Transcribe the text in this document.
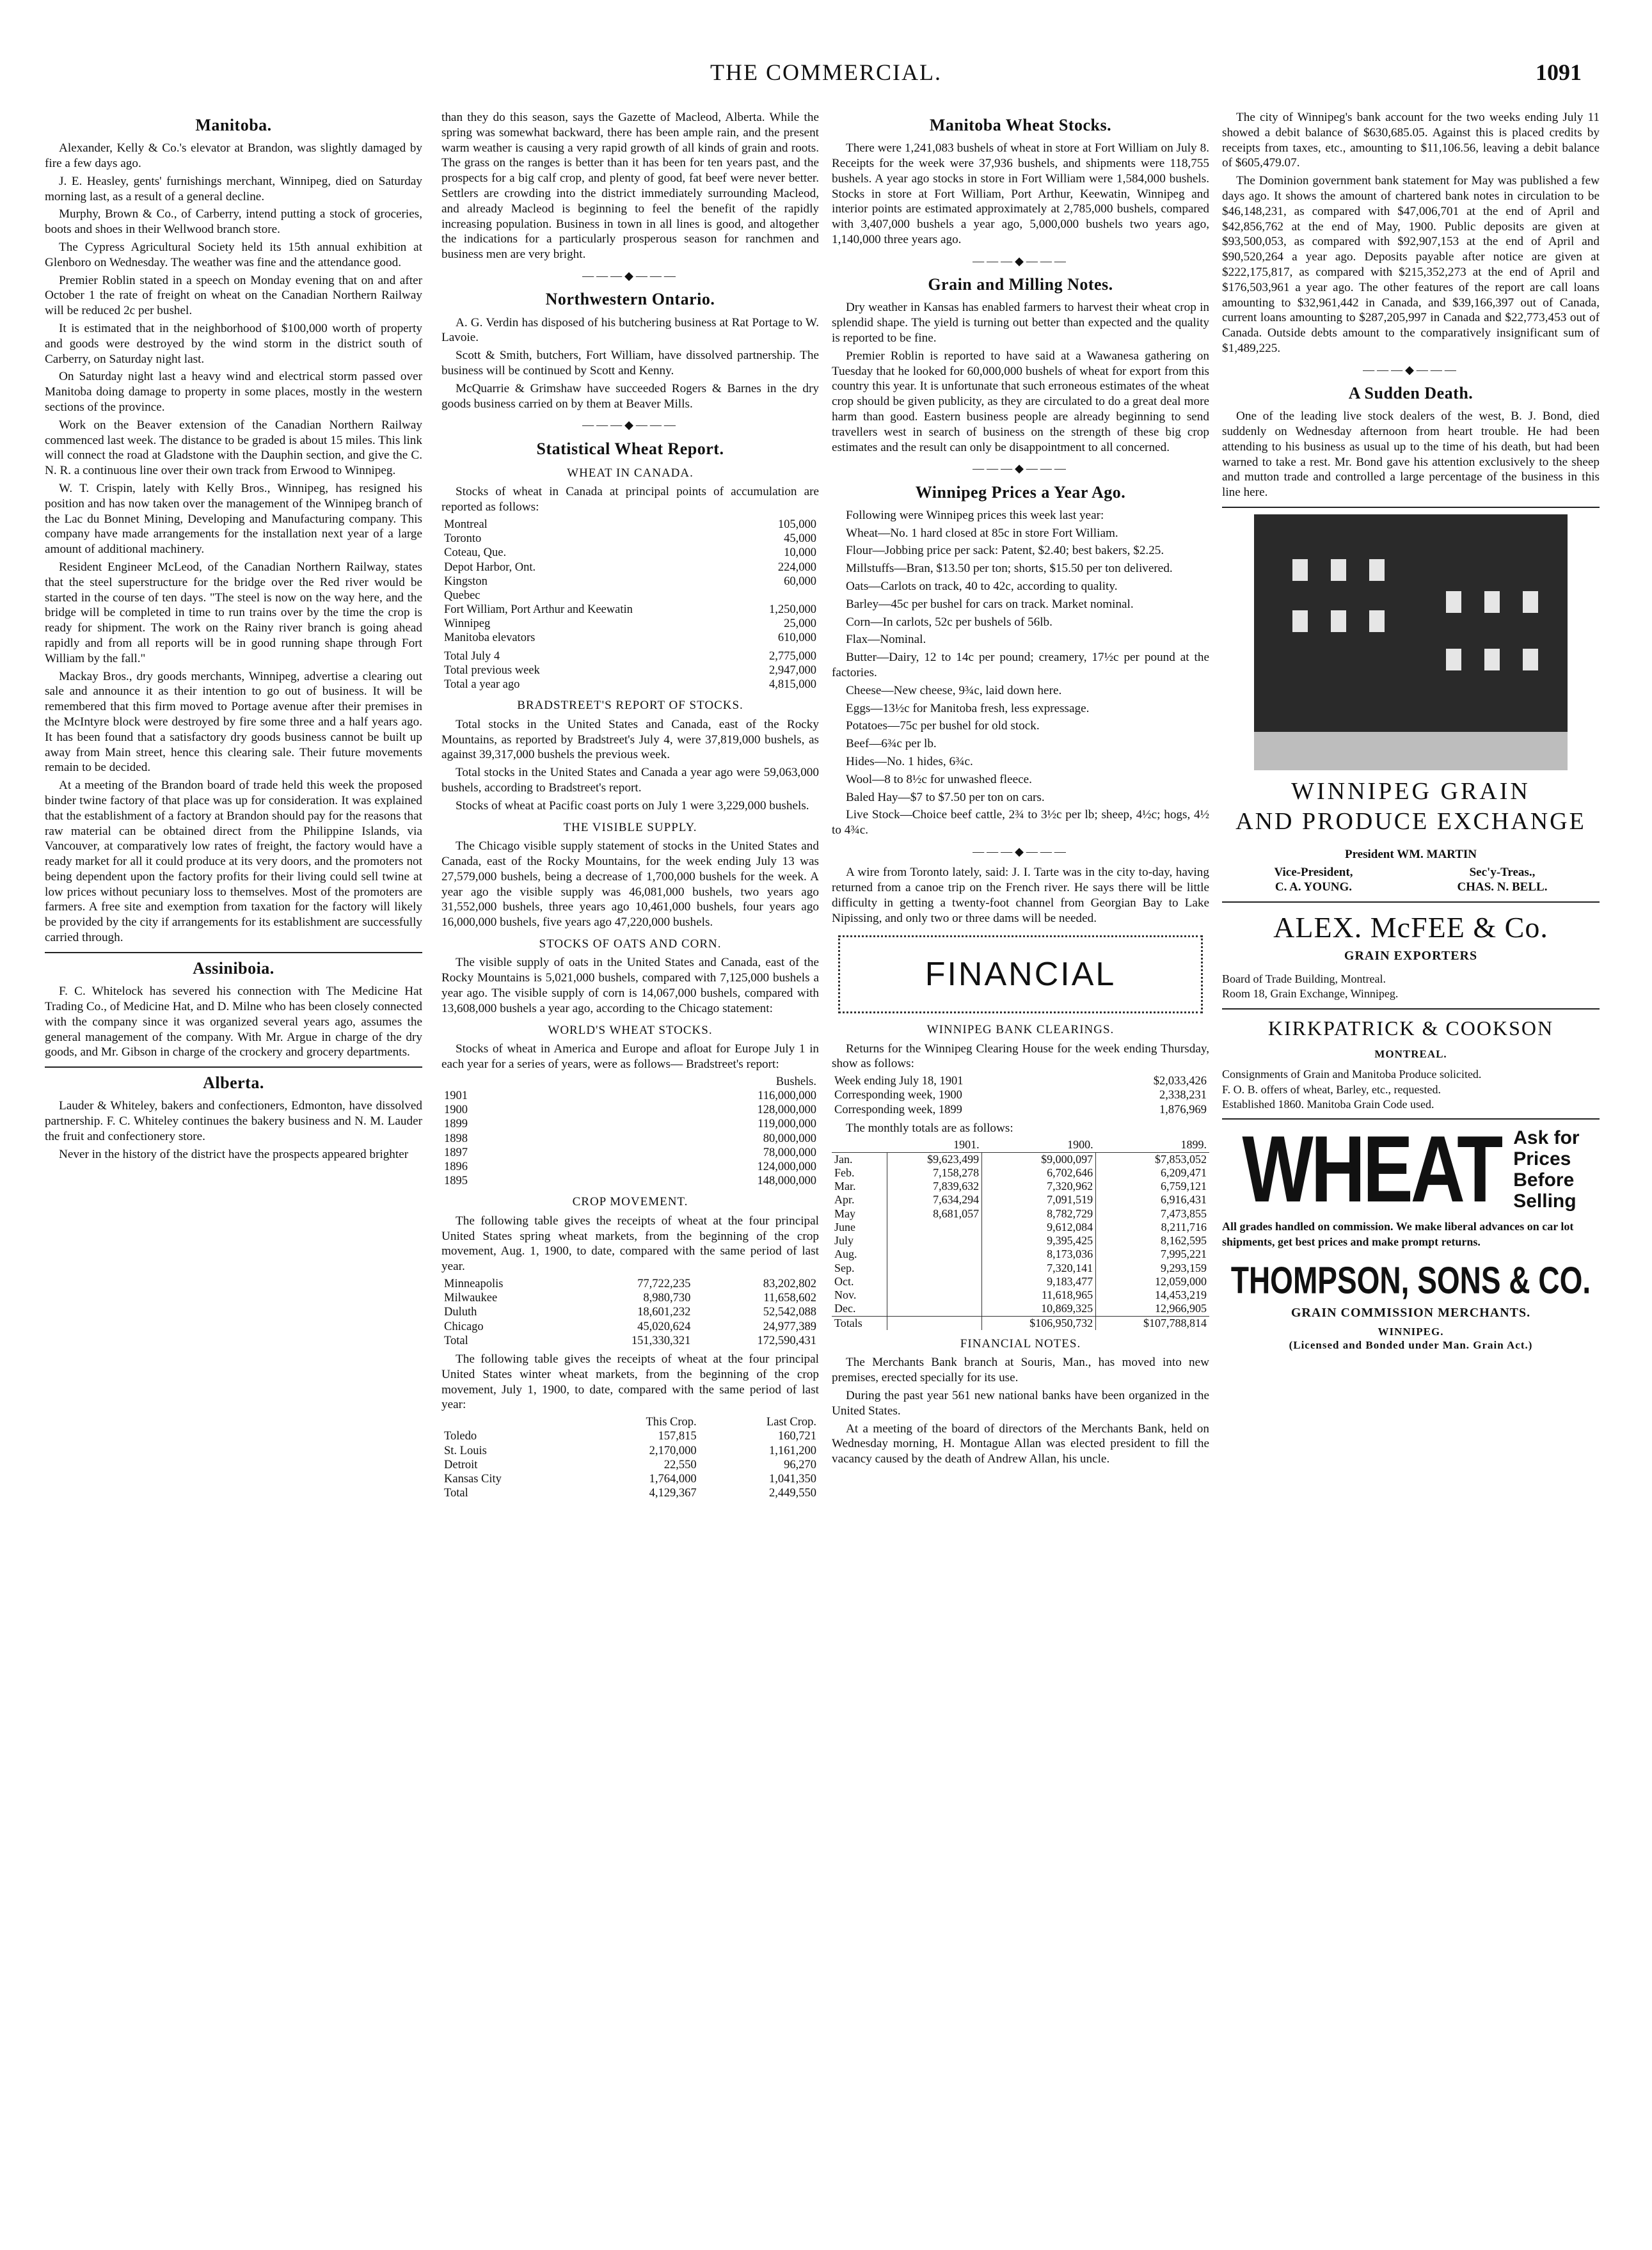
THE COMMERCIAL.	1091
Manitoba.

Alexander, Kelly & Co.'s elevator at Brandon, was slightly damaged by fire a few days ago.

J. E. Heasley, gents' furnishings merchant, Winnipeg, died on Saturday morning last, as a result of a general decline.

Murphy, Brown & Co., of Carberry, intend putting a stock of groceries, boots and shoes in their Wellwood branch store.

The Cypress Agricultural Society held its 15th annual exhibition at Glenboro on Wednesday. The weather was fine and the attendance good.

Premier Roblin stated in a speech on Monday evening that on and after October 1 the rate of freight on wheat on the Canadian Northern Railway will be reduced 2c per bushel.

It is estimated that in the neighborhood of $100,000 worth of property and goods were destroyed by the wind storm in the district south of Carberry, on Saturday night last.

On Saturday night last a heavy wind and electrical storm passed over Manitoba doing damage to property in some places, mostly in the western sections of the province.

Work on the Beaver extension of the Canadian Northern Railway commenced last week. The distance to be graded is about 15 miles. This link will connect the road at Gladstone with the Dauphin section, and give the C. N. R. a continuous line over their own track from Erwood to Winnipeg.

W. T. Crispin, lately with Kelly Bros., Winnipeg, has resigned his position and has now taken over the management of the Winnipeg branch of the Lac du Bonnet Mining, Developing and Manufacturing company. This company have made arrangements for the installation next year of a large amount of additional machinery.

Resident Engineer McLeod, of the Canadian Northern Railway, states that the steel superstructure for the bridge over the Red river would be started in the course of ten days. "The steel is now on the way here, and the bridge will be completed in time to run trains over by the time the crop is ready for shipment. The work on the Rainy river branch is going ahead rapidly and from all reports will be in good running shape through Fort William by the fall."

Mackay Bros., dry goods merchants, Winnipeg, advertise a clearing out sale and announce it as their intention to go out of business. It will be remembered that this firm moved to Portage avenue after their premises in the McIntyre block were destroyed by fire some three and a half years ago. It has been found that a satisfactory dry goods business cannot be built up away from Main street, hence this clearing sale. Their future movements remain to be decided.

At a meeting of the Brandon board of trade held this week the proposed binder twine factory of that place was up for consideration. It was explained that the establishment of a factory at Brandon should pay for the reasons that raw material can be obtained direct from the Philippine Islands, via Vancouver, at comparatively low rates of freight, the factory would have a ready market for all it could produce at its very doors, and the promoters not being dependent upon the factory profits for their living could sell twine at low prices without pecuniary loss to themselves. Most of the promoters are farmers. A free site and exemption from taxation for the factory will likely be provided by the city if arrangements for its establishment are successfully carried through.

Assiniboia.

F. C. Whitelock has severed his connection with The Medicine Hat Trading Co., of Medicine Hat, and D. Milne who has been closely connected with the company since it was organized several years ago, assumes the general management of the company. With Mr. Argue in charge of the dry goods, and Mr. Gibson in charge of the crockery and grocery departments.

Alberta.

Lauder & Whiteley, bakers and confectioners, Edmonton, have dissolved partnership. F. C. Whiteley continues the bakery business and N. M. Lauder the fruit and confectionery store.

Never in the history of the district have the prospects appeared brighter

than they do this season, says the Gazette of Macleod, Alberta. While the spring was somewhat backward, there has been ample rain, and the present warm weather is causing a very rapid growth of all kinds of grain and roots. The grass on the ranges is better than it has been for ten years past, and the prospects for a big calf crop, and plenty of good, fat beef were never better. Settlers are crowding into the district immediately surrounding Macleod, and already Macleod is beginning to feel the benefit of the rapidly increasing population. Business in town in all lines is good, and altogether the indications for a particularly prosperous season for ranchmen and business men are very bright.

———◆———
Northwestern Ontario.

A. G. Verdin has disposed of his butchering business at Rat Portage to W. Lavoie.

Scott & Smith, butchers, Fort William, have dissolved partnership. The business will be continued by Scott and Kenny.

McQuarrie & Grimshaw have succeeded Rogers & Barnes in the dry goods business carried on by them at Beaver Mills.

———◆———
Statistical Wheat Report.
WHEAT IN CANADA.

Stocks of wheat in Canada at principal points of accumulation are reported as follows:

Montreal	105,000
Toronto	45,000
Coteau, Que.	10,000
Depot Harbor, Ont.	224,000
Kingston	60,000
Quebec	
Fort William, Port Arthur and Keewatin	1,250,000
Winnipeg	25,000
Manitoba elevators	610,000
Total July 4	2,775,000
Total previous week	2,947,000
Total a year ago	4,815,000
BRADSTREET'S REPORT OF STOCKS.

Total stocks in the United States and Canada, east of the Rocky Mountains, as reported by Bradstreet's July 4, were 37,819,000 bushels, as against 39,317,000 bushels the previous week.

Total stocks in the United States and Canada a year ago were 59,063,000 bushels, according to Bradstreet's report.

Stocks of wheat at Pacific coast ports on July 1 were 3,229,000 bushels.

THE VISIBLE SUPPLY.

The Chicago visible supply statement of stocks in the United States and Canada, east of the Rocky Mountains, for the week ending July 13 was 27,579,000 bushels, being a decrease of 1,700,000 bushels for the week. A year ago the visible supply was 46,081,000 bushels, two years ago 31,552,000 bushels, three years ago 10,461,000 bushels, four years ago 16,000,000 bushels, five years ago 47,220,000 bushels.

STOCKS OF OATS AND CORN.

The visible supply of oats in the United States and Canada, east of the Rocky Mountains is 5,021,000 bushels, compared with 7,125,000 bushels a year ago. The visible supply of corn is 14,067,000 bushels, compared with 13,608,000 bushels a year ago, according to the Chicago statement:

WORLD'S WHEAT STOCKS.

Stocks of wheat in America and Europe and afloat for Europe July 1 in each year for a series of years, were as follows— Bradstreet's report:

	Bushels.
1901	116,000,000
1900	128,000,000
1899	119,000,000
1898	80,000,000
1897	78,000,000
1896	124,000,000
1895	148,000,000
CROP MOVEMENT.

The following table gives the receipts of wheat at the four principal United States spring wheat markets, from the beginning of the crop movement, Aug. 1, 1900, to date, compared with the same period of last year.

Minneapolis	77,722,235	83,202,802
Milwaukee	8,980,730	11,658,602
Duluth	18,601,232	52,542,088
Chicago	45,020,624	24,977,389
Total	151,330,321	172,590,431

The following table gives the receipts of wheat at the four principal United States winter wheat markets, from the beginning of the crop movement, July 1, 1900, to date, compared with the same period of last year:

	This Crop.	Last Crop.
Toledo	157,815	160,721
St. Louis	2,170,000	1,161,200
Detroit	22,550	96,270
Kansas City	1,764,000	1,041,350
Total	4,129,367	2,449,550
Manitoba Wheat Stocks.

There were 1,241,083 bushels of wheat in store at Fort William on July 8. Receipts for the week were 37,936 bushels, and shipments were 118,755 bushels. A year ago stocks in store in Fort William were 1,584,000 bushels. Stocks in store at Fort William, Port Arthur, Keewatin, Winnipeg and interior points are estimated approximately at 2,785,000 bushels, compared with 3,407,000 bushels a year ago, 5,000,000 bushels two years ago, 1,140,000 three years ago.

———◆———
Grain and Milling Notes.

Dry weather in Kansas has enabled farmers to harvest their wheat crop in splendid shape. The yield is turning out better than expected and the quality is reported to be fine.

Premier Roblin is reported to have said at a Wawanesa gathering on Tuesday that he looked for 60,000,000 bushels of wheat for export from this country this year. It is unfortunate that such erroneous estimates of the wheat crop should be given publicity, as they are circulated to do a great deal more harm than good. Eastern business people are already beginning to send travellers west in search of business on the strength of these big crop estimates and the result can only be disappointment to all concerned.

———◆———
Winnipeg Prices a Year Ago.

Following were Winnipeg prices this week last year:

Wheat—No. 1 hard closed at 85c in store Fort William.

Flour—Jobbing price per sack: Patent, $2.40; best bakers, $2.25.

Millstuffs—Bran, $13.50 per ton; shorts, $15.50 per ton delivered.

Oats—Carlots on track, 40 to 42c, according to quality.

Barley—45c per bushel for cars on track. Market nominal.

Corn—In carlots, 52c per bushels of 56lb.

Flax—Nominal.

Butter—Dairy, 12 to 14c per pound; creamery, 17½c per pound at the factories.

Cheese—New cheese, 9¾c, laid down here.

Eggs—13½c for Manitoba fresh, less expressage.

Potatoes—75c per bushel for old stock.

Beef—6¾c per lb.

Hides—No. 1 hides, 6¾c.

Wool—8 to 8½c for unwashed fleece.

Baled Hay—$7 to $7.50 per ton on cars.

Live Stock—Choice beef cattle, 2¾ to 3½c per lb; sheep, 4½c; hogs, 4½ to 4¾c.

———◆———

A wire from Toronto lately, said: J. I. Tarte was in the city to-day, having returned from a canoe trip on the French river. He says there will be little difficulty in getting a twenty-foot channel from Georgian Bay to Lake Nipissing, and only two or three dams will be needed.

FINANCIAL
WINNIPEG BANK CLEARINGS.

Returns for the Winnipeg Clearing House for the week ending Thursday, show as follows:

Week ending July 18, 1901	$2,033,426
Corresponding week, 1900	2,338,231
Corresponding week, 1899	1,876,969

The monthly totals are as follows:

	1901.	1900.	1899.
Jan.	$9,623,499	$9,000,097	$7,853,052
Feb.	7,158,278	6,702,646	6,209,471
Mar.	7,839,632	7,320,962	6,759,121
Apr.	7,634,294	7,091,519	6,916,431
May	8,681,057	8,782,729	7,473,855
June		9,612,084	8,211,716
July		9,395,425	8,162,595
Aug.		8,173,036	7,995,221
Sep.		7,320,141	9,293,159
Oct.		9,183,477	12,059,000
Nov.		11,618,965	14,453,219
Dec.		10,869,325	12,966,905
Totals		$106,950,732	$107,788,814
FINANCIAL NOTES.

The Merchants Bank branch at Souris, Man., has moved into new premises, erected specially for its use.

During the past year 561 new national banks have been organized in the United States.

At a meeting of the board of directors of the Merchants Bank, held on Wednesday morning, H. Montague Allan was elected president to fill the vacancy caused by the death of Andrew Allan, his uncle.

The city of Winnipeg's bank account for the two weeks ending July 11 showed a debit balance of $630,685.05. Against this is placed credits by receipts from taxes, etc., amounting to $11,106.56, leaving a debit balance of $605,479.07.

The Dominion government bank statement for May was published a few days ago. It shows the amount of chartered bank notes in circulation to be $46,148,231, as compared with $47,006,701 at the end of April and $42,856,762 at the end of May, 1900. Public deposits are given at $93,500,053, as compared with $92,907,153 at the end of April and $90,520,264 a year ago. Deposits payable after notice are given at $222,175,817, as compared with $215,352,273 at the end of April and $176,503,961 a year ago. The other features of the report are call loans amounting to $32,961,442 in Canada, and $39,166,397 out of Canada, current loans amounting to $287,205,997 in Canada and $22,773,453 out of Canada. Outside debts amount to the comparatively insignificant sum of $1,489,225.

———◆———
A Sudden Death.

One of the leading live stock dealers of the west, B. J. Bond, died suddenly on Wednesday afternoon from heart trouble. He had been attending to his business as usual up to the time of his death, but had been warned to take a rest. Mr. Bond gave his attention exclusively to the sheep and mutton trade and controlled a large percentage of the business in this line here.

WINNIPEG GRAIN
AND PRODUCE EXCHANGE
President WM. MARTIN
Vice-President,
C. A. YOUNG.
Sec'y-Treas.,
CHAS. N. BELL.
ALEX. McFEE & Co.
GRAIN EXPORTERS
Board of Trade Building, Montreal.
Room 18, Grain Exchange, Winnipeg.
KIRKPATRICK & COOKSON
MONTREAL.
Consignments of Grain and Manitoba Produce solicited.
F. O. B. offers of wheat, Barley, etc., requested.
Established 1860. Manitoba Grain Code used.
WHEAT Ask for
Prices
Before
Selling
All grades handled on commission. We make liberal advances on car lot shipments, get best prices and make prompt returns.
THOMPSON, SONS & CO.
GRAIN COMMISSION MERCHANTS.
WINNIPEG.
(Licensed and Bonded under Man. Grain Act.)
